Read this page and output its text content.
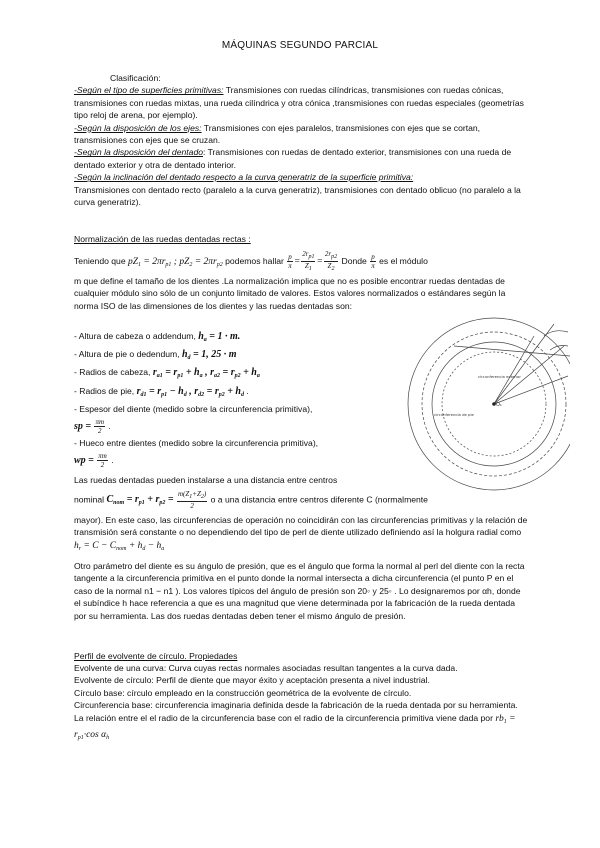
MÁQUINAS SEGUNDO PARCIAL
Clasificación:
-Según el tipo de superficies primitivas: Transmisiones con ruedas cilíndricas, transmisiones con ruedas cónicas, transmisiones con ruedas mixtas, una rueda cilíndrica y otra cónica ,transmisiones con ruedas especiales (geometrías tipo reloj de arena, por ejemplo).
-Según la disposición de los ejes: Transmisiones con ejes paralelos, transmisiones con ejes que se cortan, transmisiones con ejes que se cruzan.
-Según la disposición del dentado: Transmisiones con ruedas de dentado exterior, transmisiones con una rueda de dentado exterior y otra de dentado interior.
-Según la inclinación del dentado respecto a la curva generatriz de la superficie primitiva:
Transmisiones con dentado recto (paralelo a la curva generatriz), transmisiones con dentado oblicuo (no paralelo a la curva generatriz).
Normalización de las ruedas dentadas rectas :
Teniendo que $pZ_1 = 2\pi r_{p1}$ ; $pZ_2 = 2\pi r_{p2}$ podemos hallar $\frac{p}{\pi} = \frac{2r_{p1}}{Z_1} = \frac{2r_{p2}}{Z_2}$ Donde $\frac{p}{\pi}$ es el módulo
m que define el tamaño de los dientes .La normalización implica que no es posible encontrar ruedas dentadas de cualquier módulo sino sólo de un conjunto limitado de valores. Estos valores normalizados o estándares según la norma ISO de las dimensiones de los dientes y las ruedas dentadas son:
- Altura de cabeza o addendum, $h_a = 1 \cdot m$.
- Altura de pie o dedendum, $h_d = 1$, 25 · m
- Radios de cabeza, $r_{a1} = r_{p1} + h_a$ , $r_{a2} = r_{p2} + h_a$
- Radios de pie, $r_{d1} = r_{p1} - h_d$ , $r_{d2} = r_{p2} + h_d$ .
- Espesor del diente (medido sobre la circunferencia primitiva),
sp = $\frac{\pi m}{2}$ .
- Hueco entre dientes (medido sobre la circunferencia primitiva),
wp = $\frac{\pi m}{2}$ .
Las ruedas dentadas pueden instalarse a una distancia entre centros
nominal $C_{nom} = r_{p1} + r_{p2} = \frac{m(Z_1+Z_2)}{2}$ o a una distancia entre centros diferente C (normalmente
mayor). En este caso, las circunferencias de operación no coincidirán con las circunferencias primitivas y la relación de transmisión será constante o no dependiendo del tipo de perl de diente utilizado definiendo así la holgura radial como $h_r = C - C_{nom} + h_d - h_a$
Otro parámetro del diente es su ángulo de presión, que es el ángulo que forma la normal al perl del diente con la recta tangente a la circunferencia primitiva en el punto donde la normal intersecta a dicha circunferencia (el punto P en el caso de la normal n1 − n1 ). Los valores típicos del ángulo de presión son 20◦ y 25◦ . Lo designaremos por αh, donde el subíndice h hace referencia a que es una magnitud que viene determinada por la fabricación de la rueda dentada por su herramienta. Las dos ruedas dentadas deben tener el mismo ángulo de presión.
Perfil de evolvente de círculo. Propiedades
Evolvente de una curva: Curva cuyas rectas normales asociadas resultan tangentes a la curva dada.
Evolvente de círculo: Perfil de diente que mayor éxito y aceptación presenta a nivel industrial.
Círculo base: círculo empleado en la construcción geométrica de la evolvente de círculo.
Circunferencia base: circunferencia imaginaria definida desde la fabricación de la rueda dentada por su herramienta.
La relación entre el el radio de la circunferencia base con el radio de la circunferencia primitiva viene dada por $rb_1 = r_{p1}\cdot\cos$ $\alpha_h$
O₁
circunferencia exterior
circunferencia de pie
